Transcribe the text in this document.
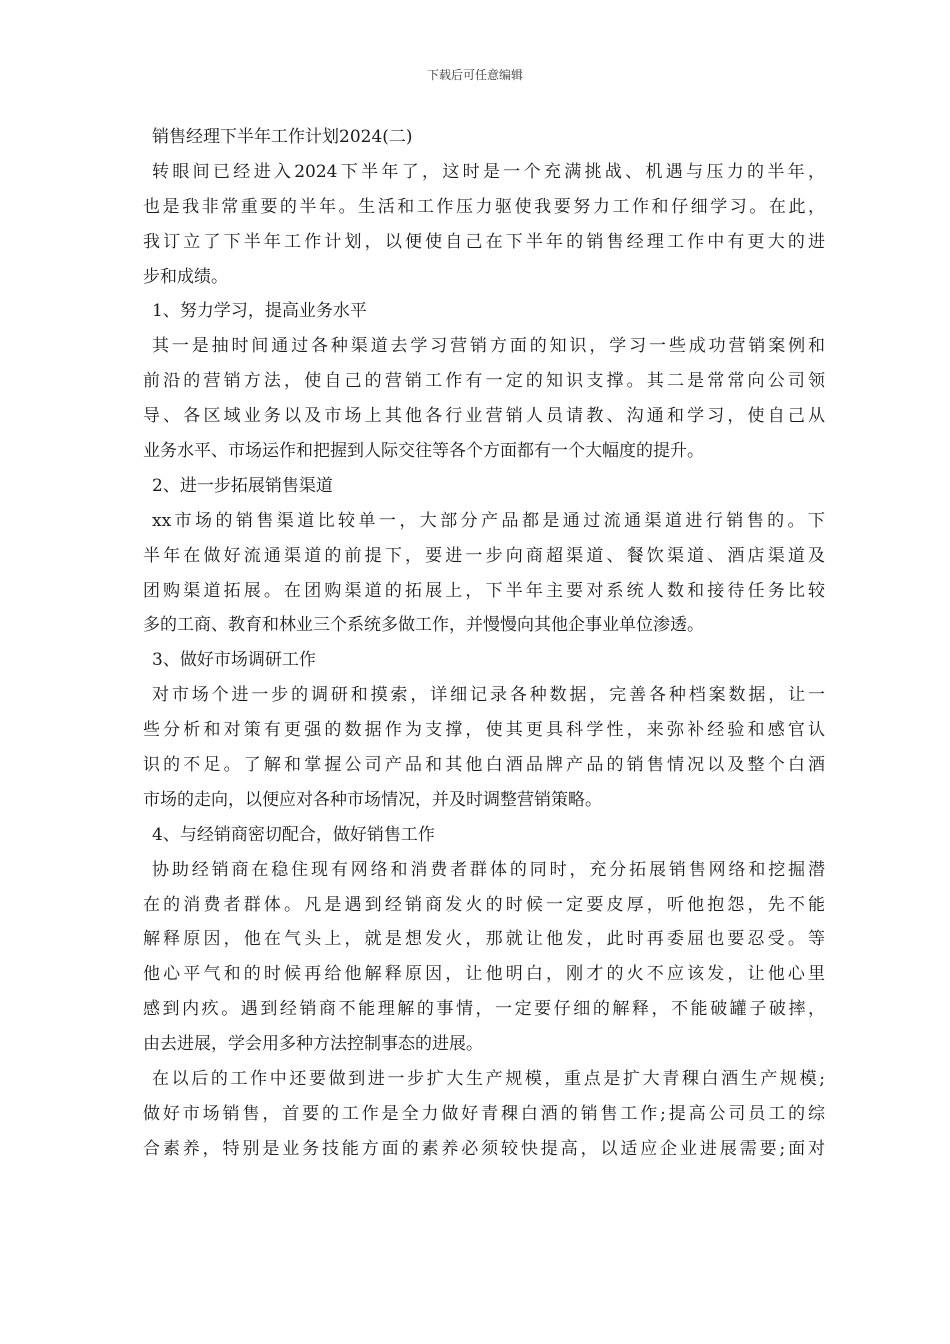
下载后可任意编辑
销售经理下半年工作计划2024(二)
转眼间已经进入2024下半年了，这时是一个充满挑战、机遇与压力的半年，
也是我非常重要的半年。生活和工作压力驱使我要努力工作和仔细学习。在此，
我订立了下半年工作计划，以便使自己在下半年的销售经理工作中有更大的进
步和成绩。
1、努力学习，提高业务水平
其一是抽时间通过各种渠道去学习营销方面的知识，学习一些成功营销案例和
前沿的营销方法，使自己的营销工作有一定的知识支撑。其二是常常向公司领
导、各区域业务以及市场上其他各行业营销人员请教、沟通和学习，使自己从
业务水平、市场运作和把握到人际交往等各个方面都有一个大幅度的提升。
2、进一步拓展销售渠道
xx市场的销售渠道比较单一，大部分产品都是通过流通渠道进行销售的。下
半年在做好流通渠道的前提下，要进一步向商超渠道、餐饮渠道、酒店渠道及
团购渠道拓展。在团购渠道的拓展上，下半年主要对系统人数和接待任务比较
多的工商、教育和林业三个系统多做工作，并慢慢向其他企事业单位渗透。
3、做好市场调研工作
对市场个进一步的调研和摸索，详细记录各种数据，完善各种档案数据，让一
些分析和对策有更强的数据作为支撑，使其更具科学性，来弥补经验和感官认
识的不足。了解和掌握公司产品和其他白酒品牌产品的销售情况以及整个白酒
市场的走向，以便应对各种市场情况，并及时调整营销策略。
4、与经销商密切配合，做好销售工作
协助经销商在稳住现有网络和消费者群体的同时，充分拓展销售网络和挖掘潜
在的消费者群体。凡是遇到经销商发火的时候一定要皮厚，听他抱怨，先不能
解释原因，他在气头上，就是想发火，那就让他发，此时再委屈也要忍受。等
他心平气和的时候再给他解释原因，让他明白，刚才的火不应该发，让他心里
感到内疚。遇到经销商不能理解的事情，一定要仔细的解释，不能破罐子破摔，
由去进展，学会用多种方法控制事态的进展。
在以后的工作中还要做到进一步扩大生产规模，重点是扩大青稞白酒生产规模;
做好市场销售，首要的工作是全力做好青稞白酒的销售工作;提高公司员工的综
合素养，特别是业务技能方面的素养必须较快提高，以适应企业进展需要;面对
